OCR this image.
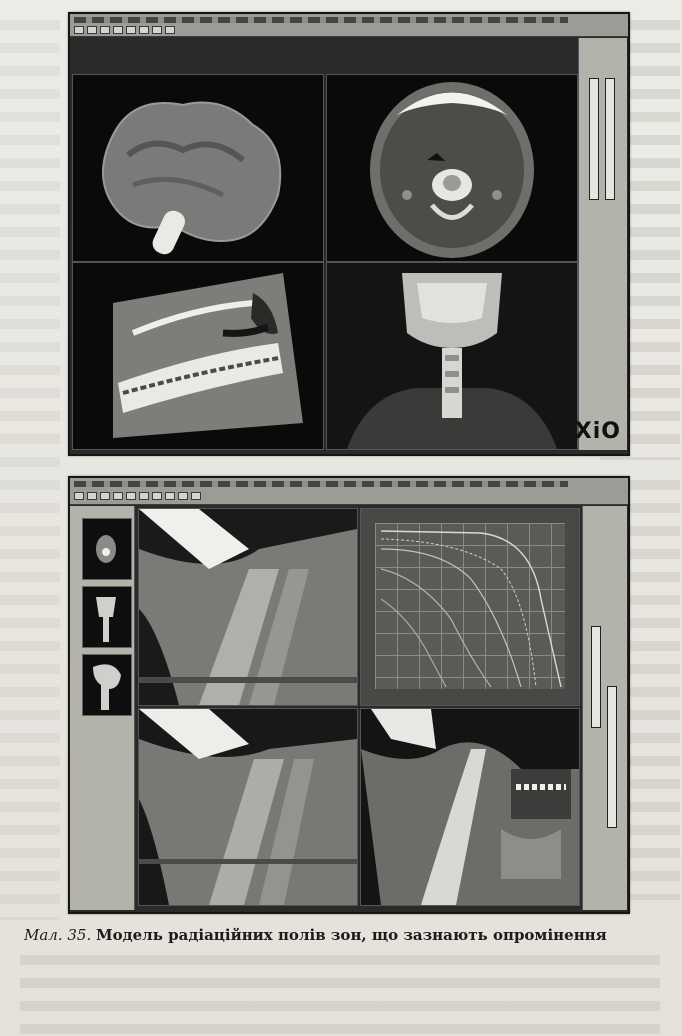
XiO
Мал. 35. Модель радіаційних полів зон, що зазнають опромінення
